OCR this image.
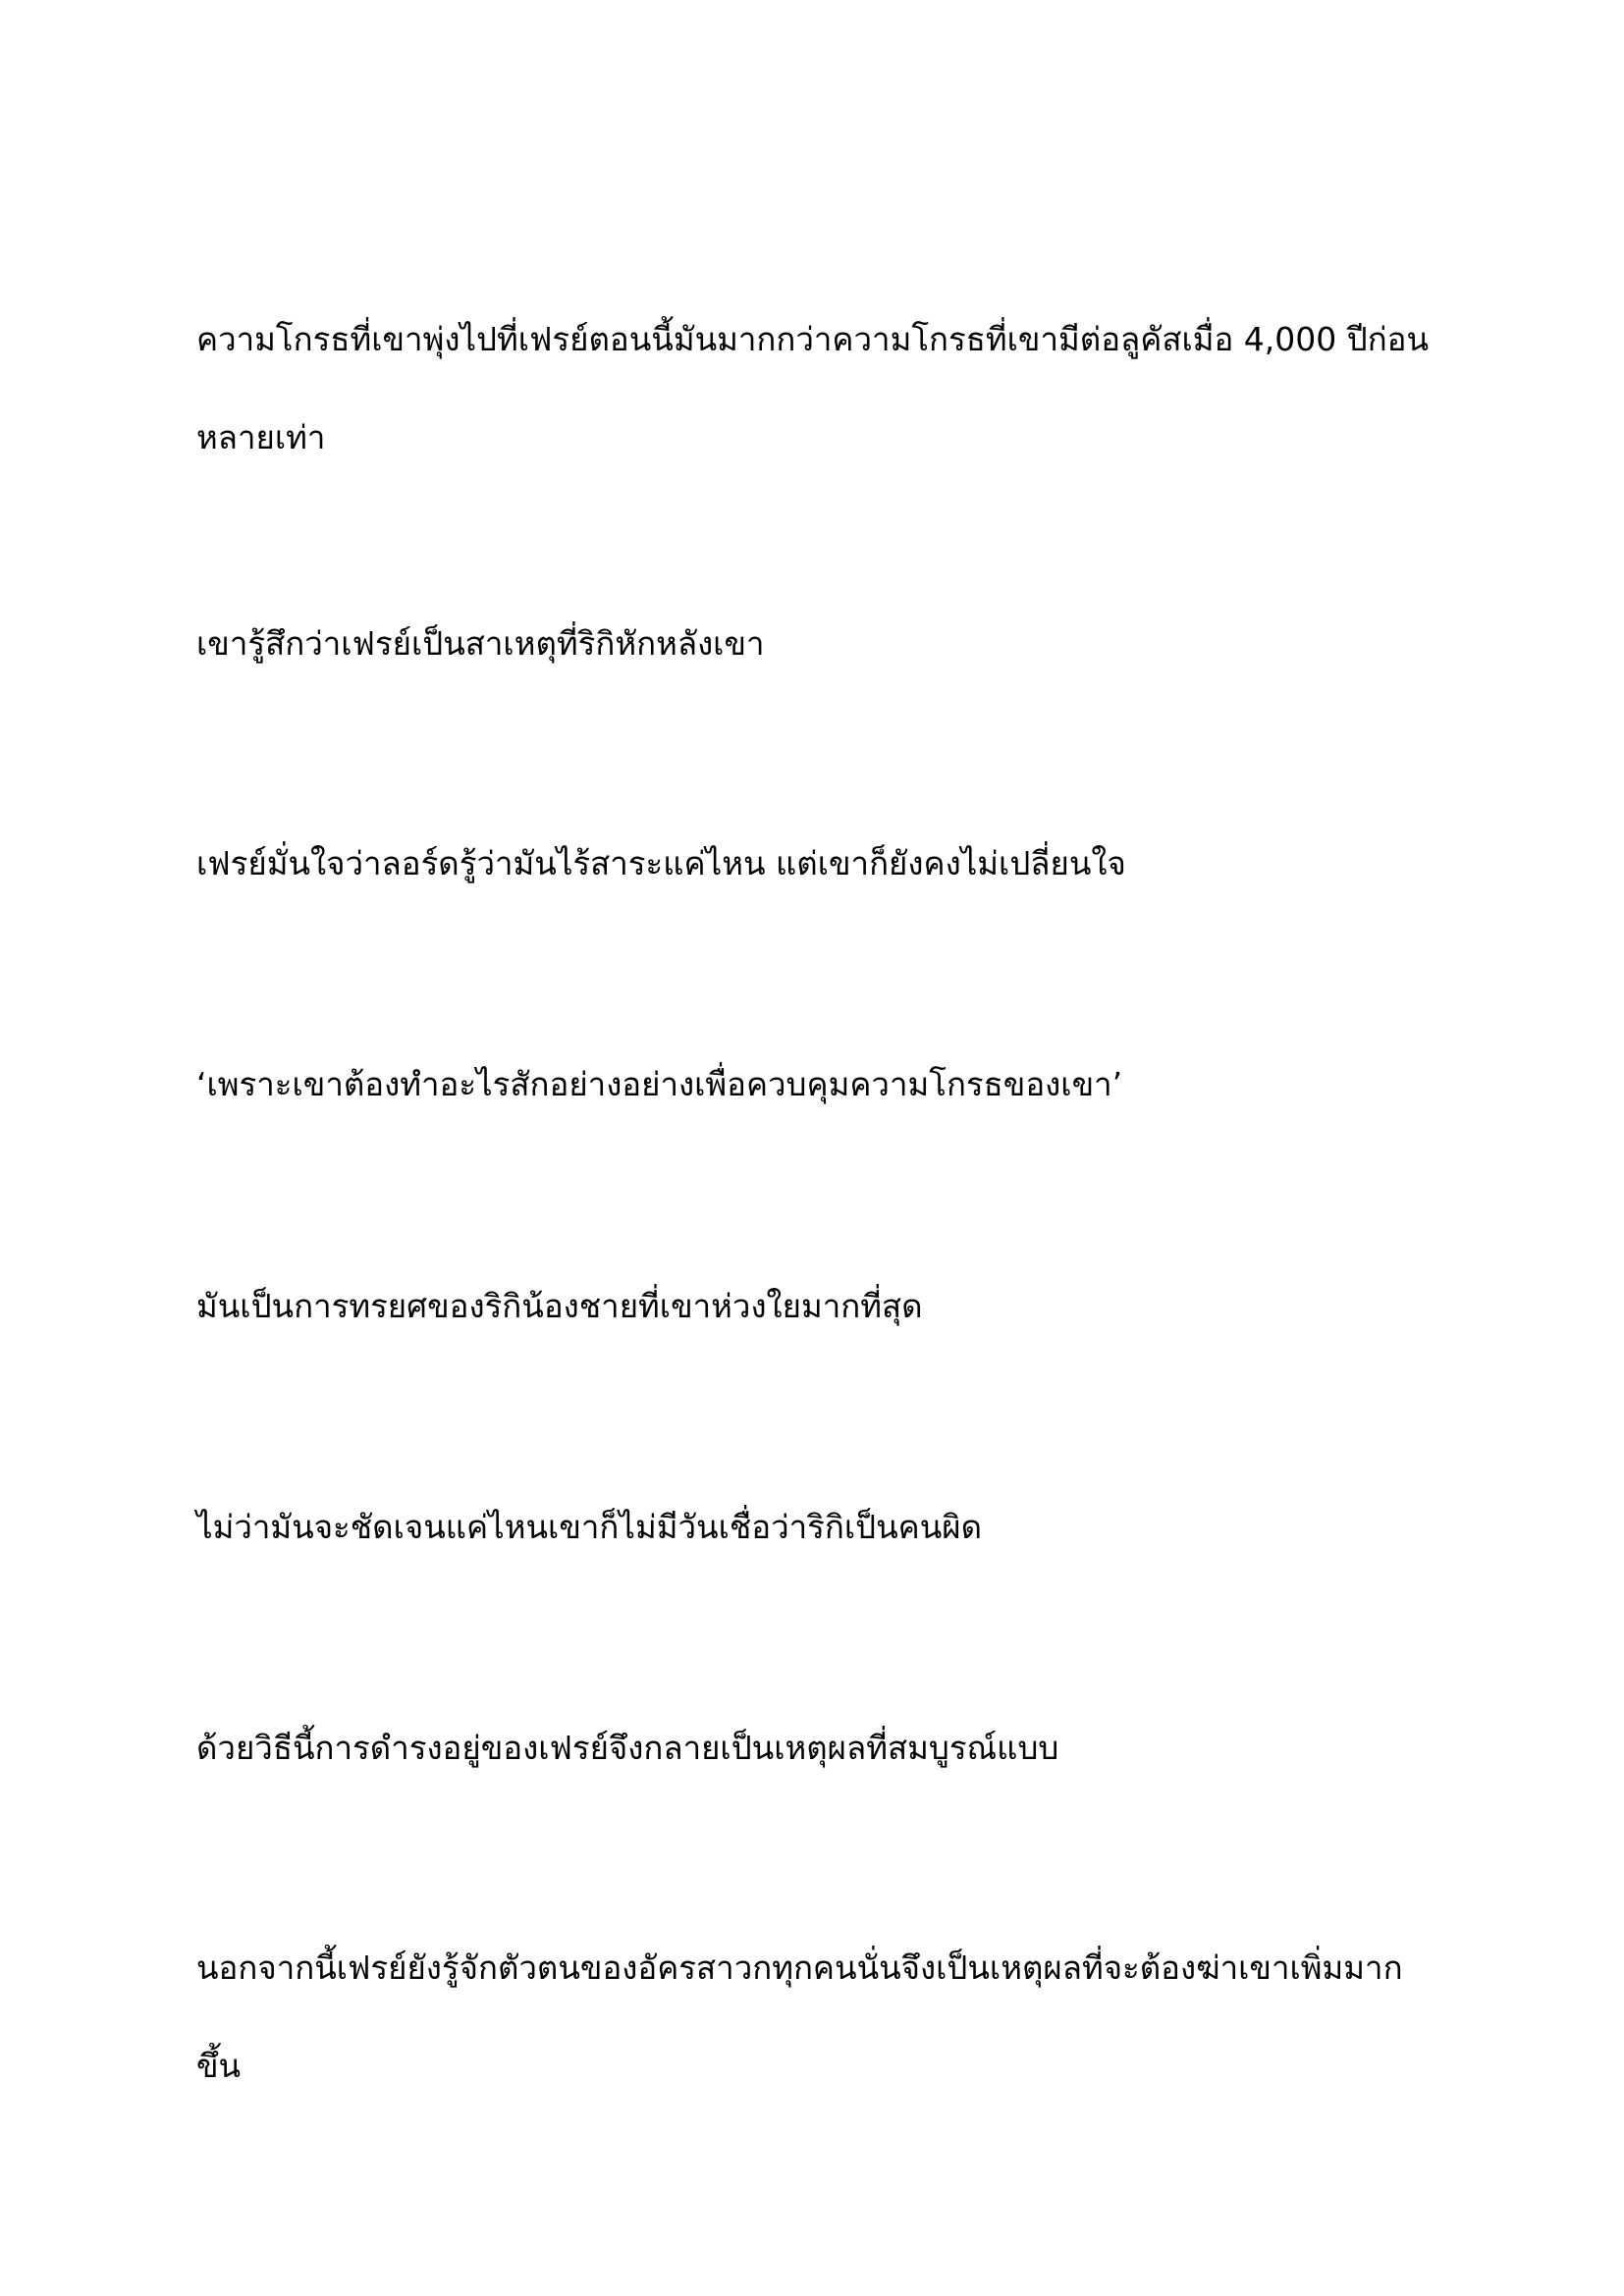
ความโกรธที่เขาพุ่งไปที่เฟรย์ตอนนี้มันมากกว่าความโกรธที่เขามีต่อลูคัสเมื่อ 4,000 ปีก่อนหลายเท่า

เขารู้สึกว่าเฟรย์เป็นสาเหตุที่ริกิหักหลังเขา

เฟรย์มั่นใจว่าลอร์ดรู้ว่ามันไร้สาระแค่ไหน แต่เขาก็ยังคงไม่เปลี่ยนใจ

‘เพราะเขาต้องทำอะไรสักอย่างอย่างเพื่อควบคุมความโกรธของเขา’

มันเป็นการทรยศของริกิน้องชายที่เขาห่วงใยมากที่สุด

ไม่ว่ามันจะชัดเจนแค่ไหนเขาก็ไม่มีวันเชื่อว่าริกิเป็นคนผิด

ด้วยวิธีนี้การดำรงอยู่ของเฟรย์จึงกลายเป็นเหตุผลที่สมบูรณ์แบบ

นอกจากนี้เฟรย์ยังรู้จักตัวตนของอัครสาวกทุกคนนั่นจึงเป็นเหตุผลที่จะต้องฆ่าเขาเพิ่มมากขึ้น
